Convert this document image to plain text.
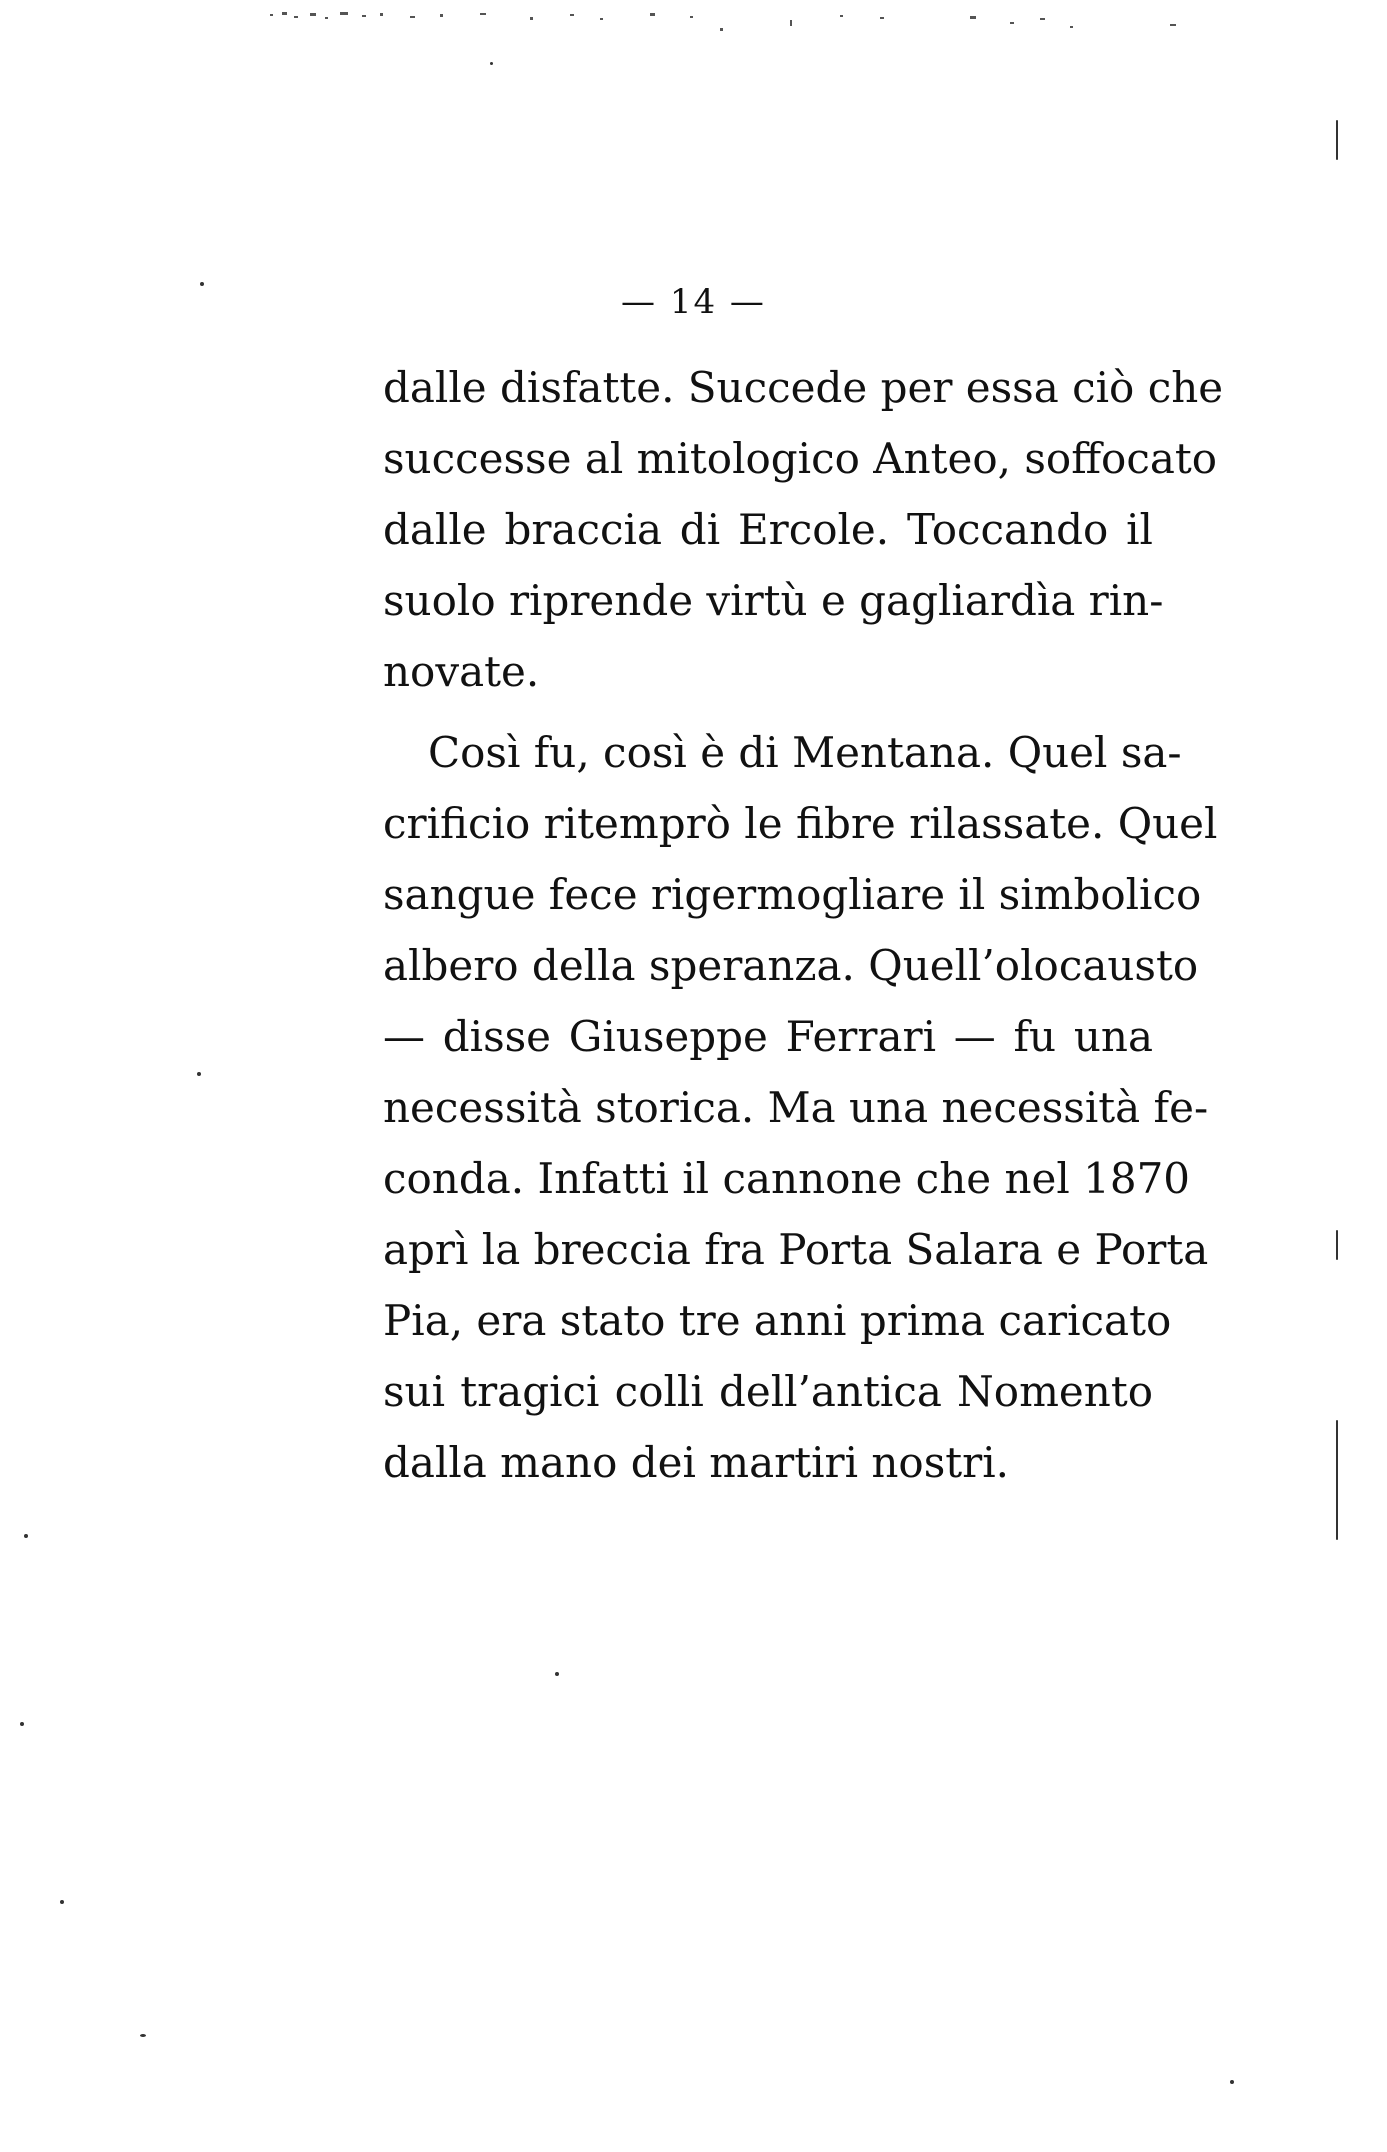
— 14 —
dalle disfatte. Succede per essa ciò che
successe al mitologico Anteo, soffocato
dalle braccia di Ercole. Toccando il
suolo riprende virtù e gagliardìa rin-
novate.
Così fu, così è di Mentana. Quel sa-
crificio ritemprò le fibre rilassate. Quel
sangue fece rigermogliare il simbolico
albero della speranza. Quell’olocausto
— disse Giuseppe Ferrari — fu una
necessità storica. Ma una necessità fe-
conda. Infatti il cannone che nel 1870
aprì la breccia fra Porta Salara e Porta
Pia, era stato tre anni prima caricato
sui tragici colli dell’antica Nomento
dalla mano dei martiri nostri.
